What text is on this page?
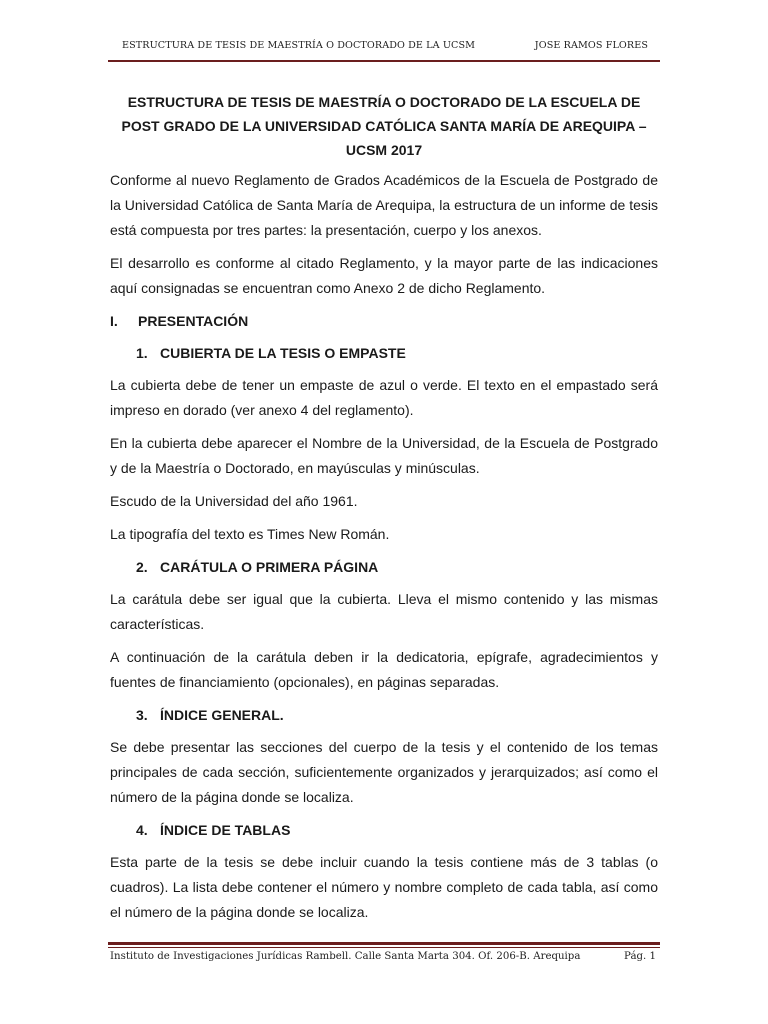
ESTRUCTURA DE TESIS DE MAESTRÍA O DOCTORADO DE LA UCSM	JOSE RAMOS FLORES
ESTRUCTURA DE TESIS DE MAESTRÍA O DOCTORADO DE LA ESCUELA DE POST GRADO DE LA UNIVERSIDAD CATÓLICA SANTA MARÍA DE AREQUIPA – UCSM 2017

Conforme al nuevo Reglamento de Grados Académicos de la Escuela de Postgrado de la Universidad Católica de Santa María de Arequipa, la estructura de un informe de tesis está compuesta por tres partes: la presentación, cuerpo y los anexos.

El desarrollo es conforme al citado Reglamento, y la mayor parte de las indicaciones aquí consignadas se encuentran como Anexo 2 de dicho Reglamento.

I.	PRESENTACIÓN
1. CUBIERTA DE LA TESIS O EMPASTE

La cubierta debe de tener un empaste de azul o verde. El texto en el empastado será impreso en dorado (ver anexo 4 del reglamento).

En la cubierta debe aparecer el Nombre de la Universidad, de la Escuela de Postgrado y de la Maestría o Doctorado, en mayúsculas y minúsculas.

Escudo de la Universidad del año 1961.

La tipografía del texto es Times New Román.

2. CARÁTULA O PRIMERA PÁGINA

La carátula debe ser igual que la cubierta. Lleva el mismo contenido y las mismas características.

A continuación de la carátula deben ir la dedicatoria, epígrafe, agradecimientos y fuentes de financiamiento (opcionales), en páginas separadas.

3. ÍNDICE GENERAL.

Se debe presentar las secciones del cuerpo de la tesis y el contenido de los temas principales de cada sección, suficientemente organizados y jerarquizados; así como el número de la página donde se localiza.

4. ÍNDICE DE TABLAS

Esta parte de la tesis se debe incluir cuando la tesis contiene más de 3 tablas (o cuadros). La lista debe contener el número y nombre completo de cada tabla, así como el número de la página donde se localiza.

Instituto de Investigaciones Jurídicas Rambell. Calle Santa Marta 304. Of. 206-B. Arequipa	Pág. 1
